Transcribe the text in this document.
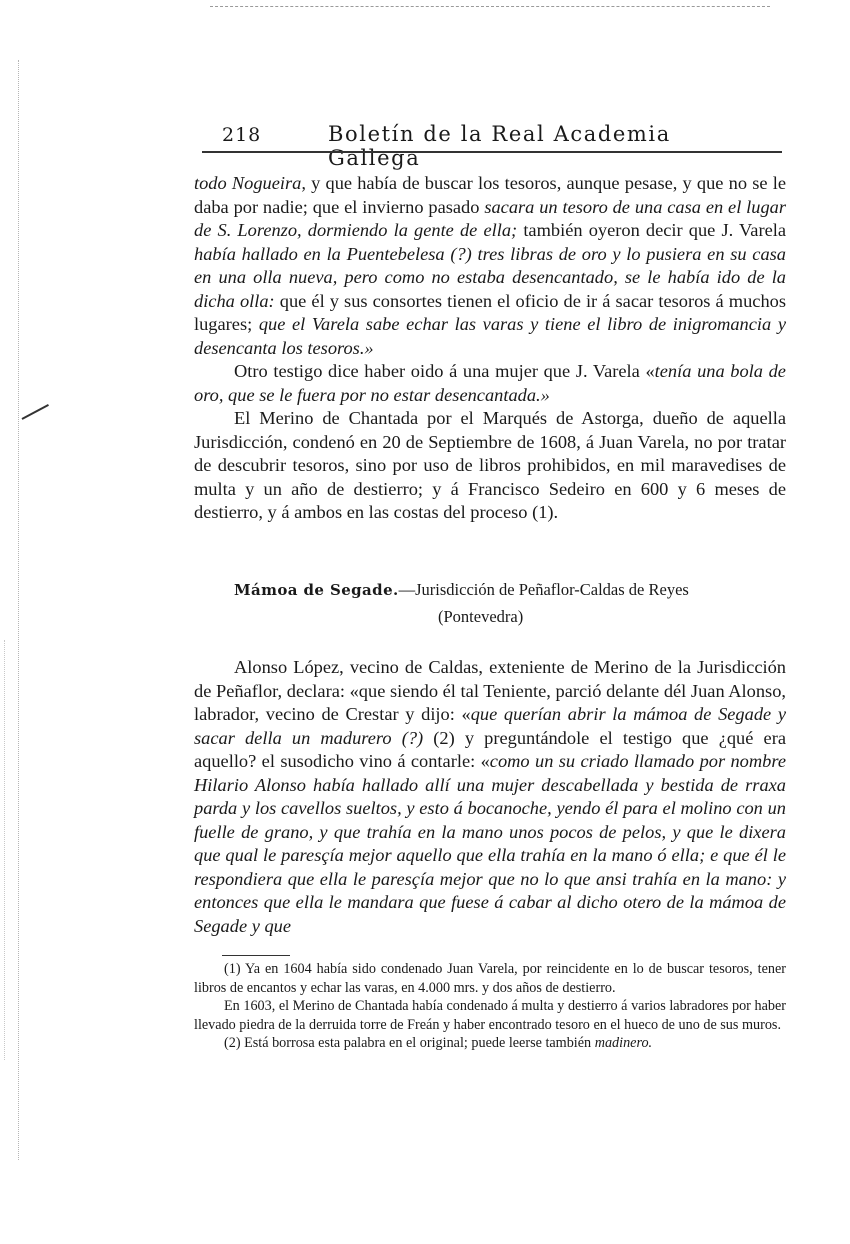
218	Boletín de la Real Academia Gallega
todo Nogueira, y que había de buscar los tesoros, aunque pesase, y que no se le daba por nadie; que el invierno pasado sacara un tesoro de una casa en el lugar de S. Lorenzo, dormiendo la gente de ella; también oyeron decir que J. Varela había hallado en la Puentebelesa (?) tres libras de oro y lo pusiera en su casa en una olla nueva, pero como no estaba desencantado, se le había ido de la dicha olla: que él y sus consortes tienen el oficio de ir á sacar tesoros á muchos lugares; que el Varela sabe echar las varas y tiene el libro de inigromancia y desencanta los tesoros.»
Otro testigo dice haber oido á una mujer que J. Varela «tenía una bola de oro, que se le fuera por no estar desencantada.»
El Merino de Chantada por el Marqués de Astorga, dueño de aquella Jurisdicción, condenó en 20 de Septiembre de 1608, á Juan Varela, no por tratar de descubrir tesoros, sino por uso de libros prohibidos, en mil maravedises de multa y un año de destierro; y á Francisco Sedeiro en 600 y 6 meses de destierro, y á ambos en las costas del proceso (1).
Mámoa de Segade.—Jurisdicción de Peñaflor-Caldas de Reyes
(Pontevedra)
Alonso López, vecino de Caldas, exteniente de Merino de la Jurisdicción de Peñaflor, declara: «que siendo él tal Teniente, parció delante dél Juan Alonso, labrador, vecino de Crestar y dijo: «que querían abrir la mámoa de Segade y sacar della un madurero (?) (2) y preguntándole el testigo que ¿qué era aquello? el susodicho vino á contarle: «como un su criado llamado por nombre Hilario Alonso había hallado allí una mujer descabellada y bestida de rraxa parda y los cavellos sueltos, y esto á bocanoche, yendo él para el molino con un fuelle de grano, y que trahía en la mano unos pocos de pelos, y que le dixera que qual le paresçía mejor aquello que ella trahía en la mano ó ella; e que él le respondiera que ella le paresçía mejor que no lo que ansi trahía en la mano: y entonces que ella le mandara que fuese á cabar al dicho otero de la mámoa de Segade y que

(1) Ya en 1604 había sido condenado Juan Varela, por reincidente en lo de buscar tesoros, tener libros de encantos y echar las varas, en 4.000 mrs. y dos años de destierro.

En 1603, el Merino de Chantada había condenado á multa y destierro á varios labradores por haber llevado piedra de la derruida torre de Freán y haber encontrado tesoro en el hueco de uno de sus muros.

(2) Está borrosa esta palabra en el original; puede leerse también madinero.
